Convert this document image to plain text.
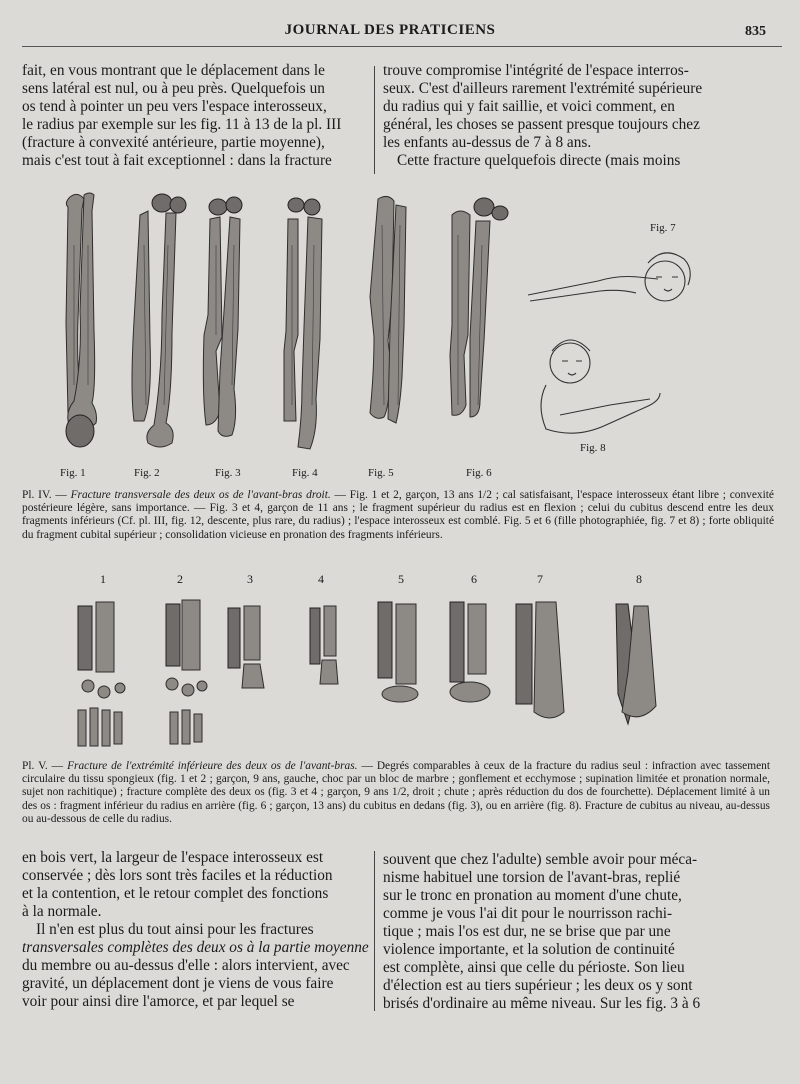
JOURNAL DES PRATICIENS	835
fait, en vous montrant que le déplacement dans le
sens latéral est nul, ou à peu près. Quelquefois un
os tend à pointer un peu vers l'espace interosseux,
le radius par exemple sur les fig. 11 à 13 de la pl. III
(fracture à convexité antérieure, partie moyenne),
mais c'est tout à fait exceptionnel : dans la fracture
trouve compromise l'intégrité de l'espace interros-
seux. C'est d'ailleurs rarement l'extrémité supérieure
du radius qui y fait saillie, et voici comment, en
général, les choses se passent presque toujours chez
les enfants au-dessus de 7 à 8 ans.
Cette fracture quelquefois directe (mais moins
Fig. 1	Fig. 2	Fig. 3	Fig. 4	Fig. 5	Fig. 6
Fig. 7
Fig. 8
Pl. IV. — Fracture transversale des deux os de l'avant-bras droit. — Fig. 1 et 2, garçon, 13 ans 1/2 ; cal satisfaisant, l'espace interosseux étant libre ; convexité postérieure légère, sans importance. — Fig. 3 et 4, garçon de 11 ans ; le fragment supérieur du radius est en flexion ; celui du cubitus descend entre les deux fragments inférieurs (Cf. pl. III, fig. 12, descente, plus rare, du radius) ; l'espace interosseux est comblé. Fig. 5 et 6 (fille photographiée, fig. 7 et 8) ; forte obliquité du fragment cubital supérieur ; consolidation vicieuse en pronation des fragments inférieurs.
1	2	3	4	5	6	7	8
Pl. V. — Fracture de l'extrémité inférieure des deux os de l'avant-bras. — Degrés comparables à ceux de la fracture du radius seul : infraction avec tassement circulaire du tissu spongieux (fig. 1 et 2 ; garçon, 9 ans, gauche, choc par un bloc de marbre ; gonflement et ecchymose ; supination limitée et pronation normale, sujet non rachitique) ; fracture complète des deux os (fig. 3 et 4 ; garçon, 9 ans 1/2, droit ; chute ; après réduction du dos de fourchette). Déplacement limité à un des os : fragment inférieur du radius en arrière (fig. 6 ; garçon, 13 ans) du cubitus en dedans (fig. 3), ou en arrière (fig. 8). Fracture de cubitus au niveau, au-dessus ou au-dessous de celle du radius.
en bois vert, la largeur de l'espace interosseux est
conservée ; dès lors sont très faciles et la réduction
et la contention, et le retour complet des fonctions
à la normale.
Il n'en est plus du tout ainsi pour les fractures
transversales complètes des deux os à la partie moyenne
du membre ou au-dessus d'elle : alors intervient, avec
gravité, un déplacement dont je viens de vous faire
voir pour ainsi dire l'amorce, et par lequel se
souvent que chez l'adulte) semble avoir pour méca-
nisme habituel une torsion de l'avant-bras, replié
sur le tronc en pronation au moment d'une chute,
comme je vous l'ai dit pour le nourrisson rachi-
tique ; mais l'os est dur, ne se brise que par une
violence importante, et la solution de continuité
est complète, ainsi que celle du périoste. Son lieu
d'élection est au tiers supérieur ; les deux os y sont
brisés d'ordinaire au même niveau. Sur les fig. 3 à 6
